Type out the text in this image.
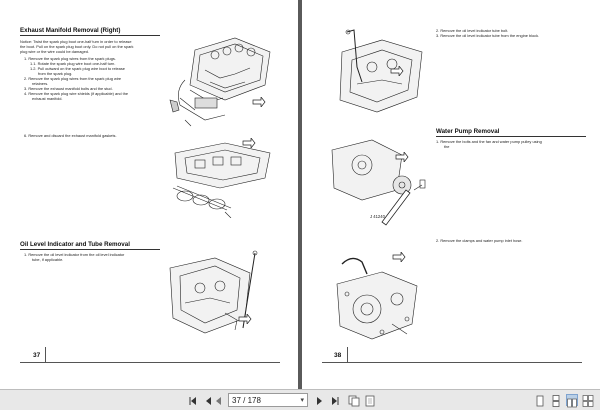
Exhaust Manifold Removal (Right)
Notice: Twist the spark plug boot one-half turn in order to release
the boot. Pull on the spark plug boot only. Do not pull on the spark
plug wire or the wire could be damaged.
1. Remove the spark plug wires from the spark plugs.
1.1. Rotate the spark plug wire boot one-half turn.
1.2. Pull outward on the spark plug wire boot to release
from the spark plug.
2. Remove the spark plug wires from the spark plug wire
retainers.
3. Remove the exhaust manifold bolts and the stud.
4. Remove the spark plug wire shields (if applicable) and the
exhaust manifold.
6. Remove and discard the exhaust manifold gaskets.
Oil Level Indicator and Tube Removal
1. Remove the oil level indicator from the oil level indicator
tube, if applicable.
37
2. Remove the oil level indicator tube bolt.
3. Remove the oil level indicator tube from the engine block.
Water Pump Removal
1. Remove the bolts and the fan and water pump pulley using
the
J 41240
2. Remove the clamps and water pump inlet hose.
38
37 / 178	▾
